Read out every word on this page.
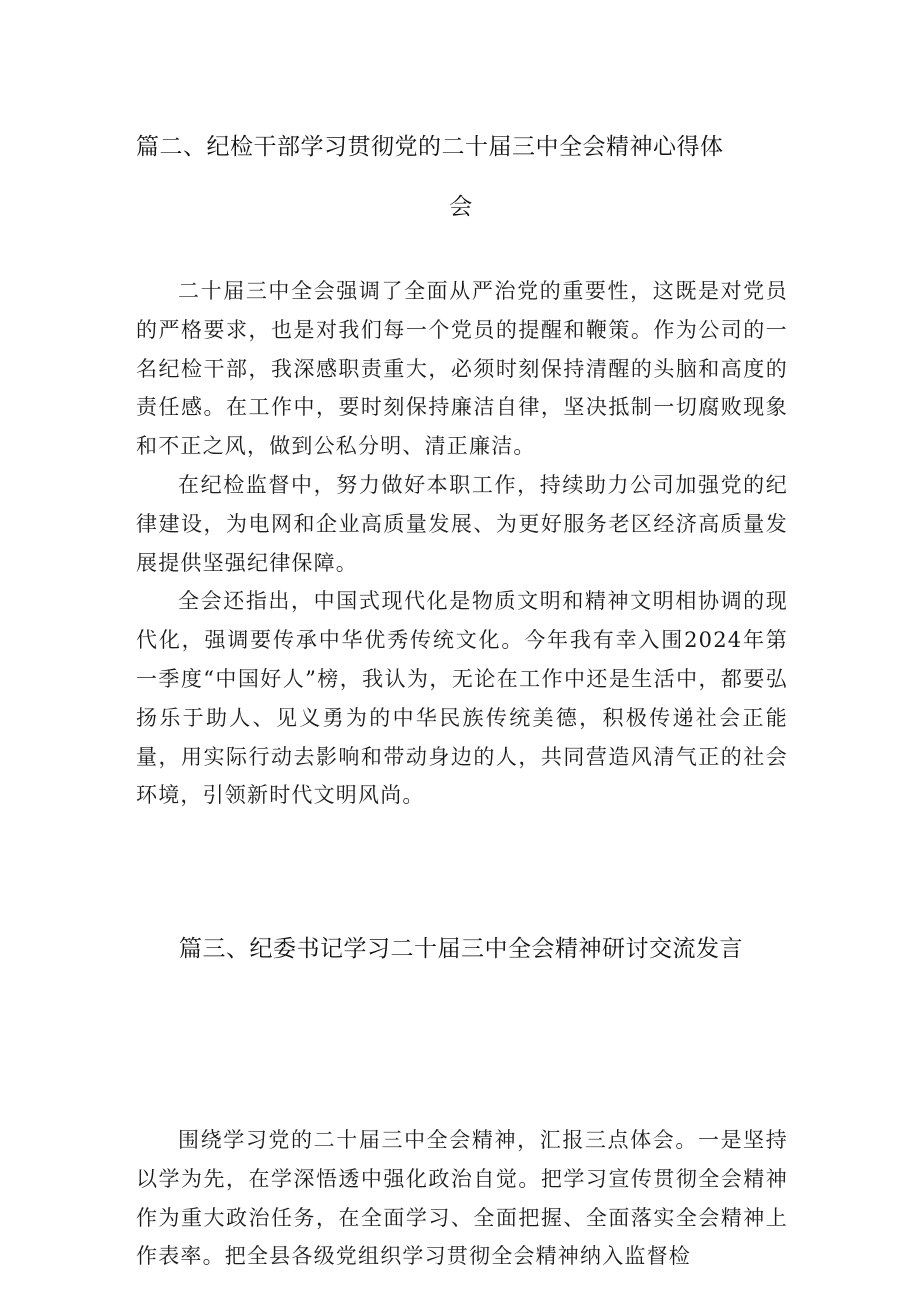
篇二、纪检干部学习贯彻党的二十届三中全会精神心得体
会

二十届三中全会强调了全面从严治党的重要性，这既是对党员的严格要求，也是对我们每一个党员的提醒和鞭策。作为公司的一名纪检干部，我深感职责重大，必须时刻保持清醒的头脑和高度的责任感。在工作中，要时刻保持廉洁自律，坚决抵制一切腐败现象和不正之风，做到公私分明、清正廉洁。

在纪检监督中，努力做好本职工作，持续助力公司加强党的纪律建设，为电网和企业高质量发展、为更好服务老区经济高质量发展提供坚强纪律保障。

全会还指出，中国式现代化是物质文明和精神文明相协调的现代化，强调要传承中华优秀传统文化。今年我有幸入围2024年第一季度“中国好人”榜，我认为，无论在工作中还是生活中，都要弘扬乐于助人、见义勇为的中华民族传统美德，积极传递社会正能量，用实际行动去影响和带动身边的人，共同营造风清气正的社会环境，引领新时代文明风尚。

篇三、纪委书记学习二十届三中全会精神研讨交流发言

围绕学习党的二十届三中全会精神，汇报三点体会。一是坚持以学为先，在学深悟透中强化政治自觉。把学习宣传贯彻全会精神作为重大政治任务，在全面学习、全面把握、全面落实全会精神上作表率。把全县各级党组织学习贯彻全会精神纳入监督检
